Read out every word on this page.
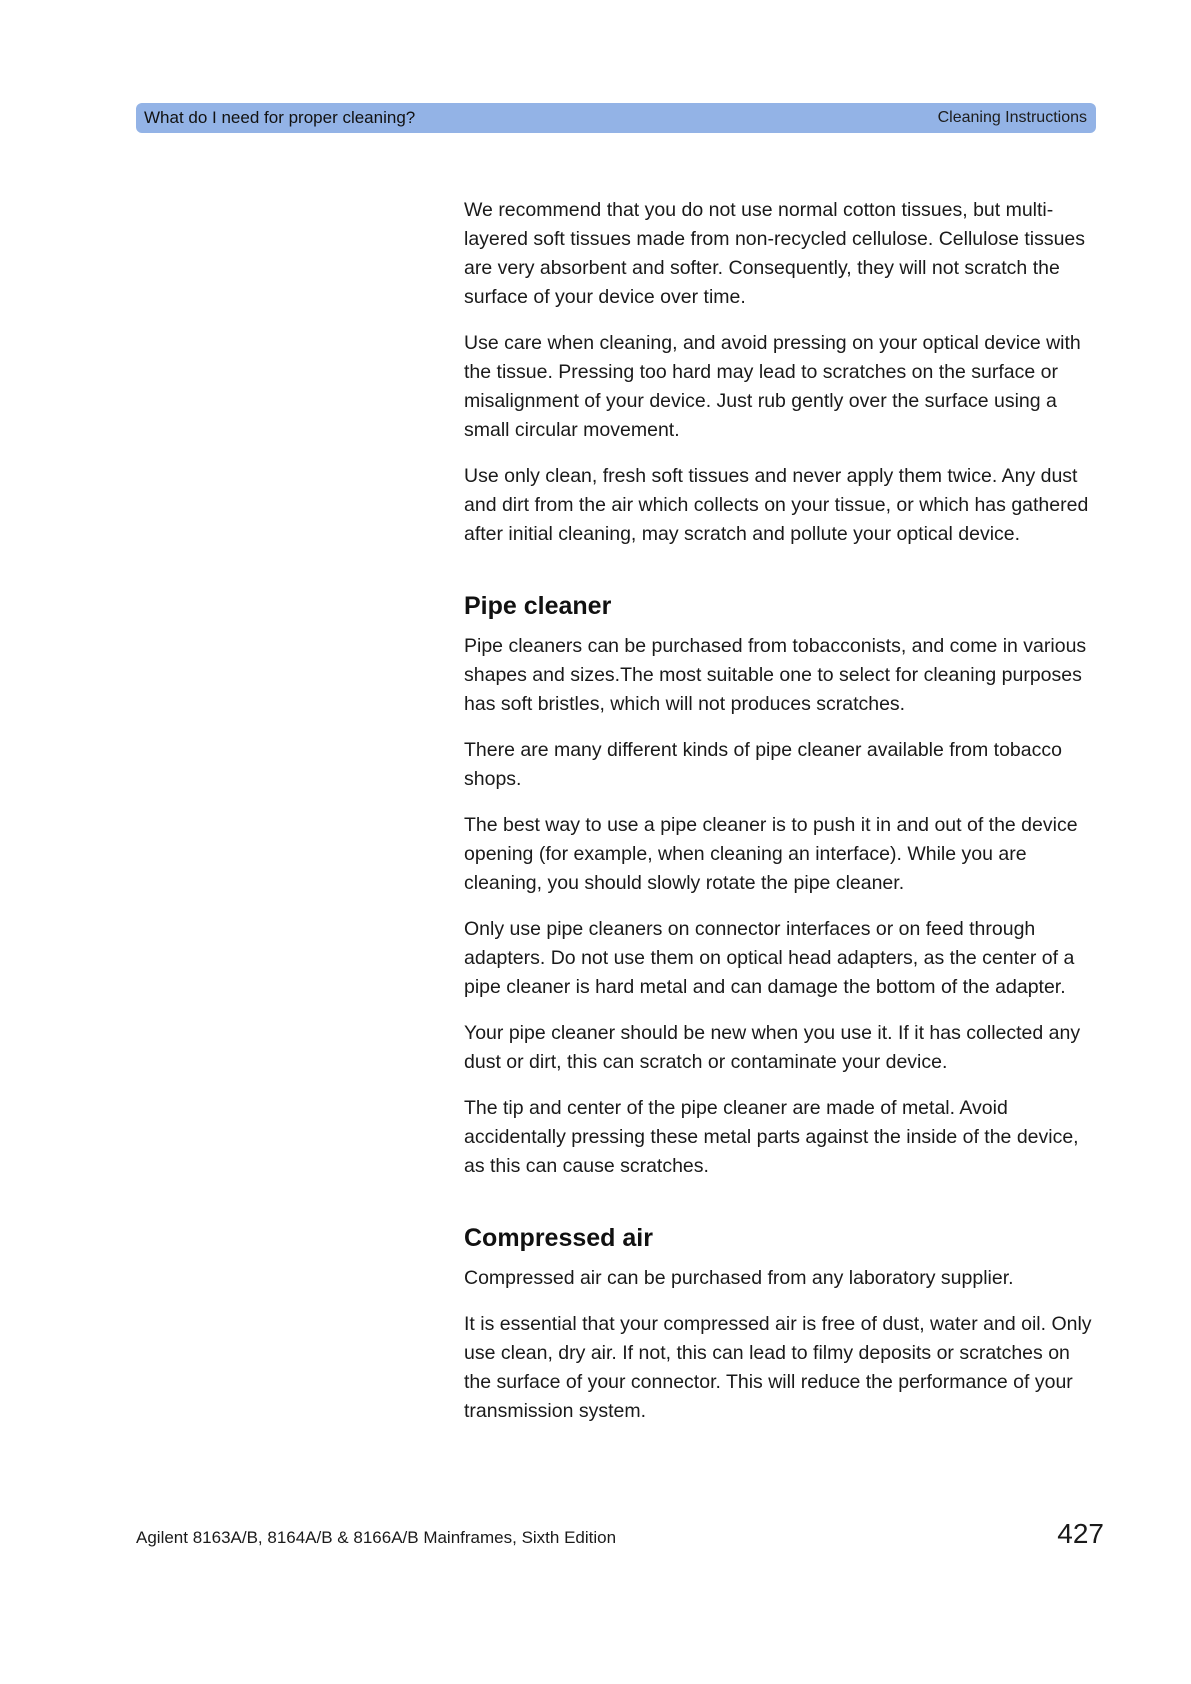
What do I need for proper cleaning?	Cleaning Instructions

We recommend that you do not use normal cotton tissues, but multi-layered soft tissues made from non-recycled cellulose. Cellulose tissues are very absorbent and softer. Consequently, they will not scratch the surface of your device over time.

Use care when cleaning, and avoid pressing on your optical device with the tissue. Pressing too hard may lead to scratches on the surface or misalignment of your device. Just rub gently over the surface using a small circular movement.

Use only clean, fresh soft tissues and never apply them twice. Any dust and dirt from the air which collects on your tissue, or which has gathered after initial cleaning, may scratch and pollute your optical device.

Pipe cleaner

Pipe cleaners can be purchased from tobacconists, and come in various shapes and sizes.The most suitable one to select for cleaning purposes has soft bristles, which will not produces scratches.

There are many different kinds of pipe cleaner available from tobacco shops.

The best way to use a pipe cleaner is to push it in and out of the device opening (for example, when cleaning an interface). While you are cleaning, you should slowly rotate the pipe cleaner.

Only use pipe cleaners on connector interfaces or on feed through adapters. Do not use them on optical head adapters, as the center of a pipe cleaner is hard metal and can damage the bottom of the adapter.

Your pipe cleaner should be new when you use it. If it has collected any dust or dirt, this can scratch or contaminate your device.

The tip and center of the pipe cleaner are made of metal. Avoid accidentally pressing these metal parts against the inside of the device, as this can cause scratches.

Compressed air

Compressed air can be purchased from any laboratory supplier.

It is essential that your compressed air is free of dust, water and oil. Only use clean, dry air. If not, this can lead to filmy deposits or scratches on the surface of your connector. This will reduce the performance of your transmission system.

Agilent 8163A/B, 8164A/B & 8166A/B Mainframes, Sixth Edition	427
